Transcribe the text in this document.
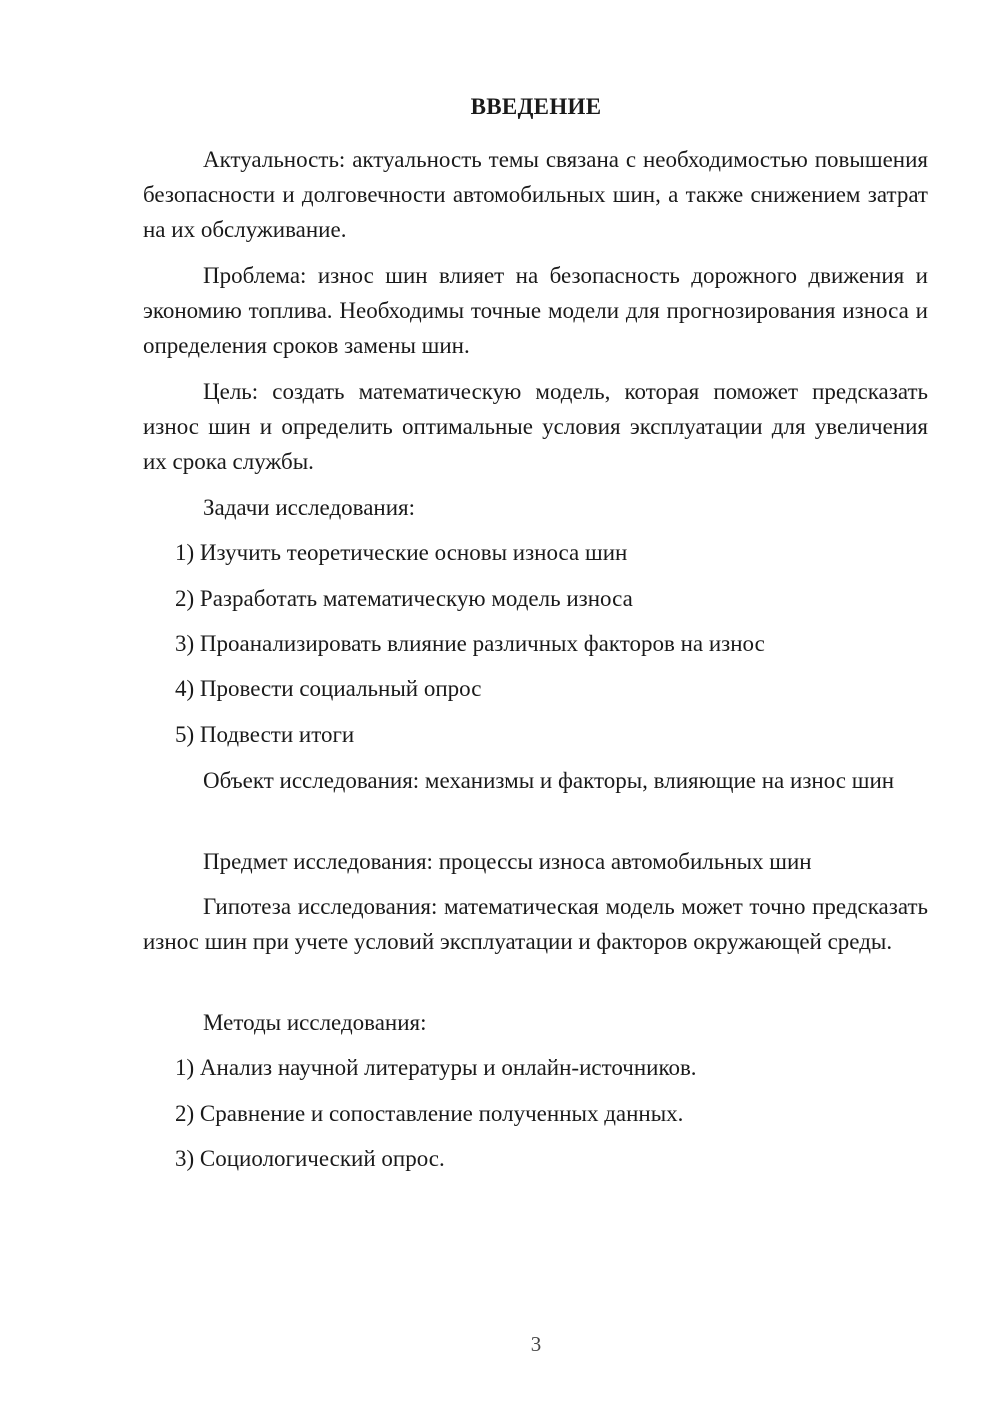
ВВЕДЕНИЕ

Актуальность: актуальность темы связана с необходимостью повышения безопасности и долговечности автомобильных шин, а также снижением затрат на их обслуживание.

Проблема: износ шин влияет на безопасность дорожного движения и экономию топлива. Необходимы точные модели для прогнозирования износа и определения сроков замены шин.

Цель: создать математическую модель, которая поможет предсказать износ шин и определить оптимальные условия эксплуатации для увеличения их срока службы.

Задачи исследования:
1) Изучить теоретические основы износа шин
2) Разработать математическую модель износа
3) Проанализировать влияние различных факторов на износ
4) Провести социальный опрос
5) Подвести итоги

Объект исследования: механизмы и факторы, влияющие на износ шин

Предмет исследования: процессы износа автомобильных шин

Гипотеза исследования: математическая модель может точно предсказать износ шин при учете условий эксплуатации и факторов окружающей среды.

Методы исследования:
1) Анализ научной литературы и онлайн-источников.
2) Сравнение и сопоставление полученных данных.
3) Социологический опрос.
3
